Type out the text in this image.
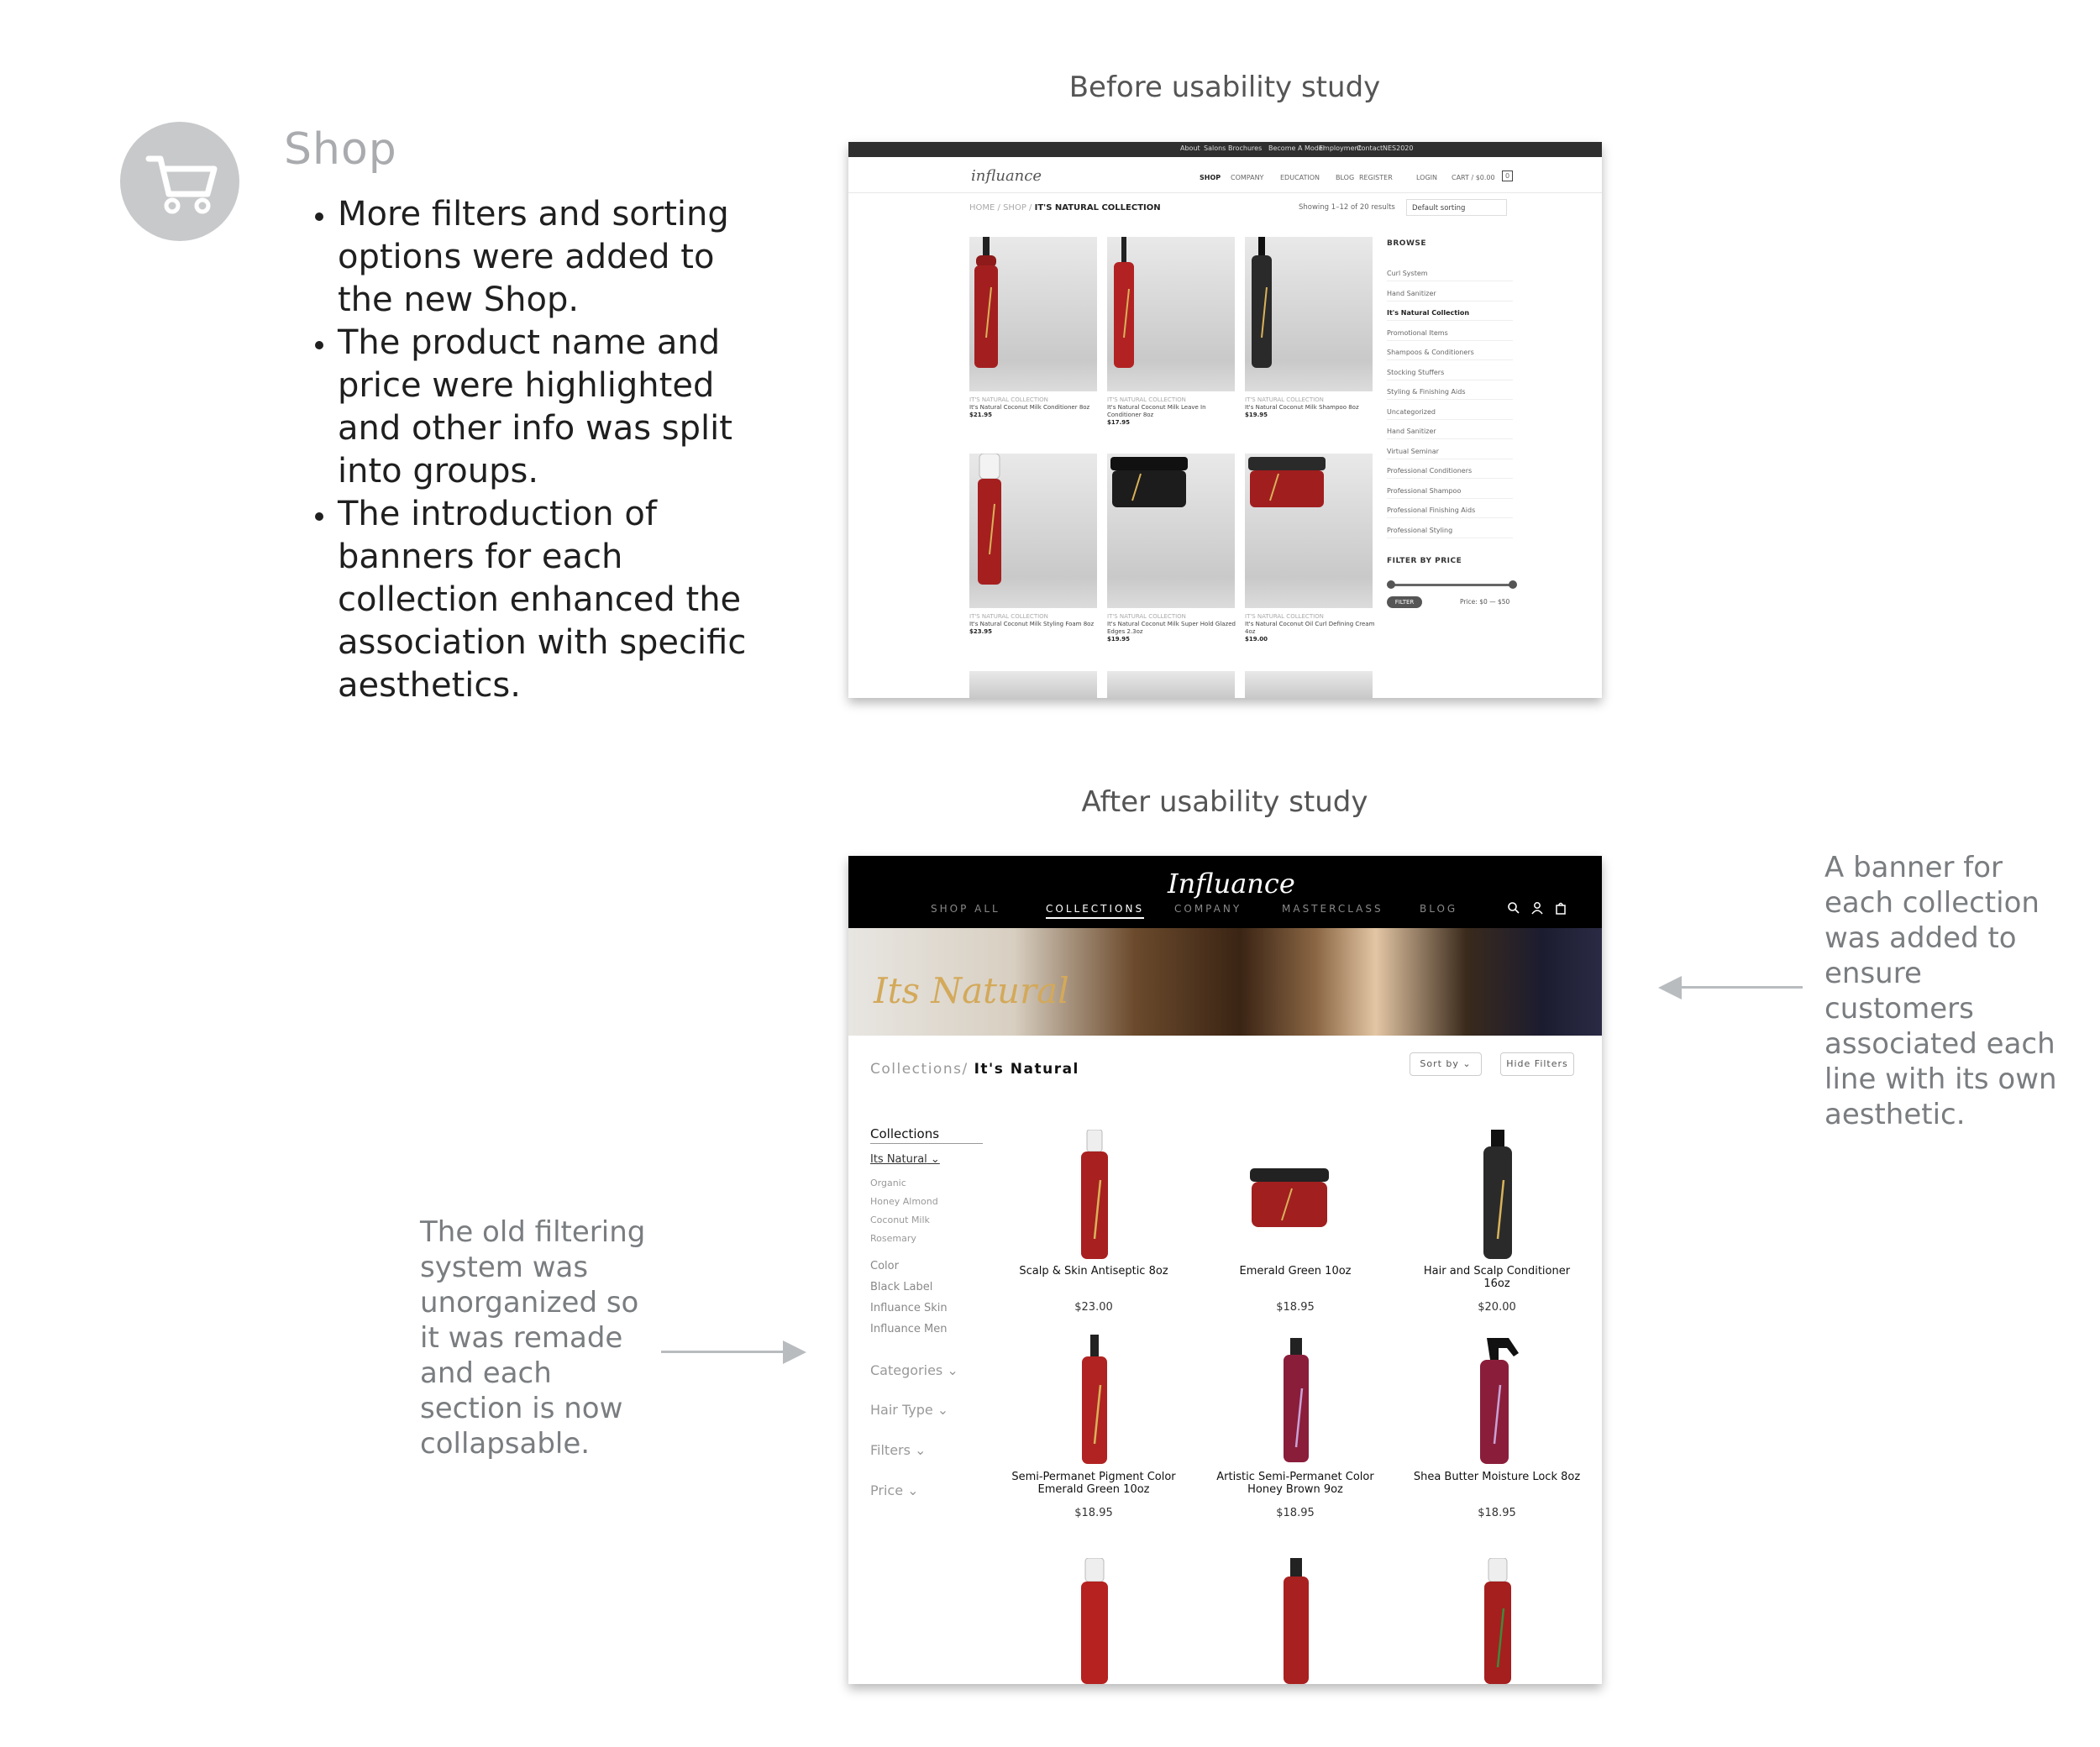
Shop
• More filters and sorting options were added to the new Shop.
• The product name and price were highlighted and other info was split into groups.
• The introduction of banners for each collection enhanced the association with specific aesthetics.
Before usability study
About Salons Brochures Become A Model
Employment
Contact NES2020
influance	SHOP COMPANY EDUCATION BLOG REGISTER	LOGIN CART / $0.00	0
HOME / SHOP / IT'S NATURAL COLLECTION	Showing 1–12 of 20 results	Default sorting
IT'S NATURAL COLLECTION
It's Natural Coconut Milk Conditioner 8oz
$21.95
IT'S NATURAL COLLECTION
It's Natural Coconut Milk Leave In Conditioner 8oz
$17.95
IT'S NATURAL COLLECTION
It's Natural Coconut Milk Shampoo 8oz
$19.95
IT'S NATURAL COLLECTION
It's Natural Coconut Milk Styling Foam 8oz
$23.95
IT'S NATURAL COLLECTION
It's Natural Coconut Milk Super Hold Glazed Edges 2.3oz
$19.95
IT'S NATURAL COLLECTION
It's Natural Coconut Oil Curl Defining Cream 4oz
$19.00
BROWSE
Curl System
Hand Sanitizer
It's Natural Collection
Promotional Items
Shampoos & Conditioners
Stocking Stuffers
Styling & Finishing Aids
Uncategorized
Hand Sanitizer
Virtual Seminar
Professional Conditioners
Professional Shampoo
Professional Finishing Aids
Professional Styling
FILTER BY PRICE
FILTER	Price: $0 — $50
After usability study
Influance
SHOP ALL	COLLECTIONS	COMPANY	MASTERCLASS	BLOG
Its Natural
Collections/ It's Natural	Sort by ⌄	Hide Filters
Collections
Its Natural ⌄
Organic
Honey Almond
Coconut Milk
Rosemary
Color
Black Label
Influance Skin
Influance Men
Categories ⌄
Hair Type ⌄
Filters ⌄
Price ⌄
Scalp & Skin Antiseptic 8oz
$23.00
Emerald Green 10oz
$18.95
Hair and Scalp Conditioner 16oz
$20.00
Semi-Permanet Pigment Color Emerald Green 10oz
$18.95
Artistic Semi-Permanet Color Honey Brown 9oz
$18.95
Shea Butter Moisture Lock 8oz
$18.95
A banner for each collection was added to ensure customers associated each line with its own aesthetic.
The old filtering system was unorganized so it was remade and each section is now collapsable.
